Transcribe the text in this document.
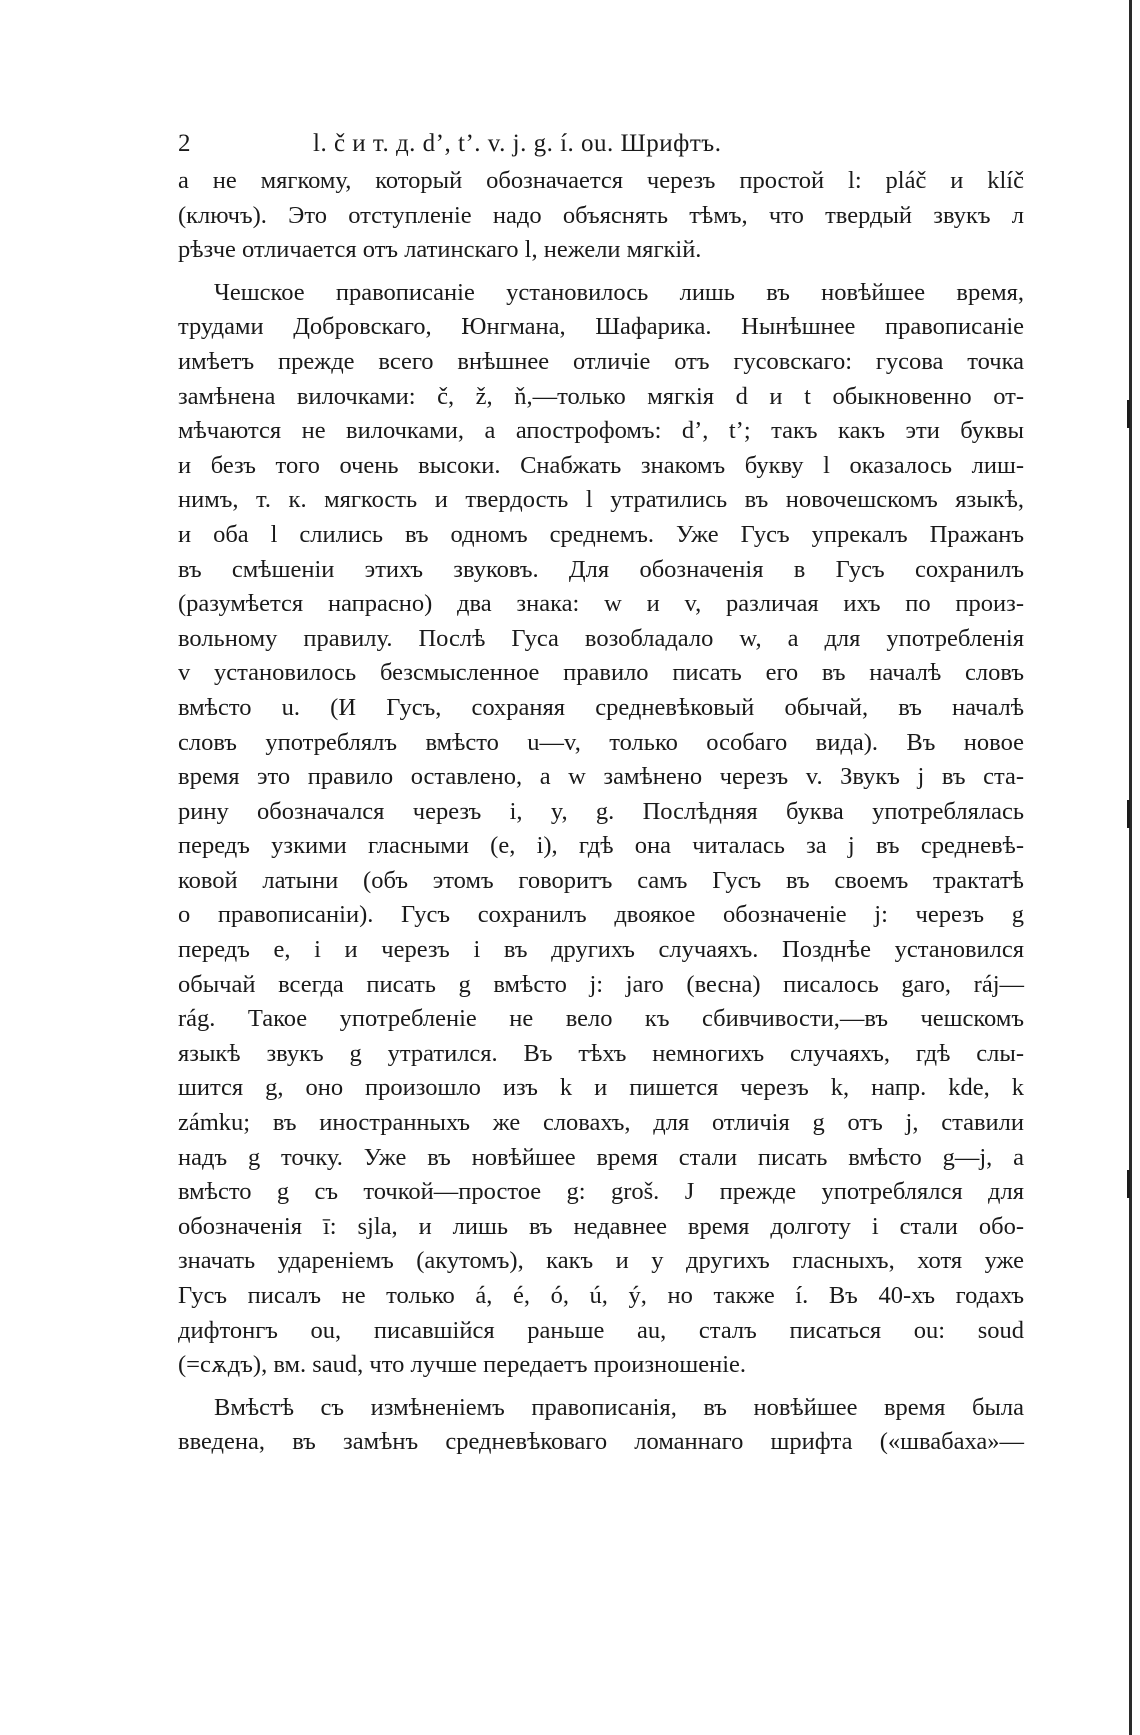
2	l. č и т. д. d’, t’. v. j. g. í. ou. Шрифтъ.
а не мягкому, который обозначается черезъ простой l: pláč и klíč
(ключъ). Это отступленіе надо объяснять тѣмъ, что твердый звукъ л
рѣзче отличается отъ латинскаго l, нежели мягкій.
Чешское правописаніе установилось лишь въ новѣйшее время,
трудами Добровскаго, Юнгмана, Шафарика. Нынѣшнее правописаніе
имѣетъ прежде всего внѣшнее отличіе отъ гусовскаго: гусова точка
замѣнена вилочками: č, ž, ň,—только мягкія d и t обыкновенно от-
мѣчаются не вилочками, а апострофомъ: d’, t’; такъ какъ эти буквы
и безъ того очень высоки. Снабжать знакомъ букву l оказалось лиш-
нимъ, т. к. мягкость и твердость l утратились въ новочешскомъ языкѣ,
и оба l слились въ одномъ среднемъ. Уже Гусъ упрекалъ Пражанъ
въ смѣшеніи этихъ звуковъ. Для обозначенія в Гусъ сохранилъ
(разумѣется напрасно) два знака: w и v, различая ихъ по произ-
вольному правилу. Послѣ Гуса возобладало w, а для употребленія
v установилось безсмысленное правило писать его въ началѣ словъ
вмѣсто u. (И Гусъ, сохраняя средневѣковый обычай, въ началѣ
словъ употреблялъ вмѣсто u—v, только особаго вида). Въ новое
время это правило оставлено, а w замѣнено черезъ v. Звукъ j въ ста-
рину обозначался черезъ i, y, g. Послѣдняя буква употреблялась
передъ узкими гласными (e, i), гдѣ она читалась за j въ средневѣ-
ковой латыни (объ этомъ говоритъ самъ Гусъ въ своемъ трактатѣ
о правописаніи). Гусъ сохранилъ двоякое обозначеніе j: черезъ g
передъ e, i и черезъ i въ другихъ случаяхъ. Позднѣе установился
обычай всегда писать g вмѣсто j: jaro (весна) писалось garo, ráj—
rág. Такое употребленіе не вело къ сбивчивости,—въ чешскомъ
языкѣ звукъ g утратился. Въ тѣхъ немногихъ случаяхъ, гдѣ слы-
шится g, оно произошло изъ k и пишется черезъ k, напр. kde, k
zámku; въ иностранныхъ же словахъ, для отличія g отъ j, ставили
надъ g точку. Уже въ новѣйшее время стали писать вмѣсто g—j, а
вмѣсто g съ точкой—простое g: groš. J прежде употреблялся для
обозначенія ī: sjla, и лишь въ недавнее время долготу i стали обо-
значать удареніемъ (акутомъ), какъ и у другихъ гласныхъ, хотя уже
Гусъ писалъ не только á, é, ó, ú, ý, но также í. Въ 40-хъ годахъ
дифтонгъ ou, писавшійся раньше au, сталъ писаться ou: soud
(=сѫдъ), вм. saud, что лучше передаетъ произношеніе.
Вмѣстѣ съ измѣненіемъ правописанія, въ новѣйшее время была
введена, въ замѣнъ средневѣковаго ломаннаго шрифта («швабаха»—
